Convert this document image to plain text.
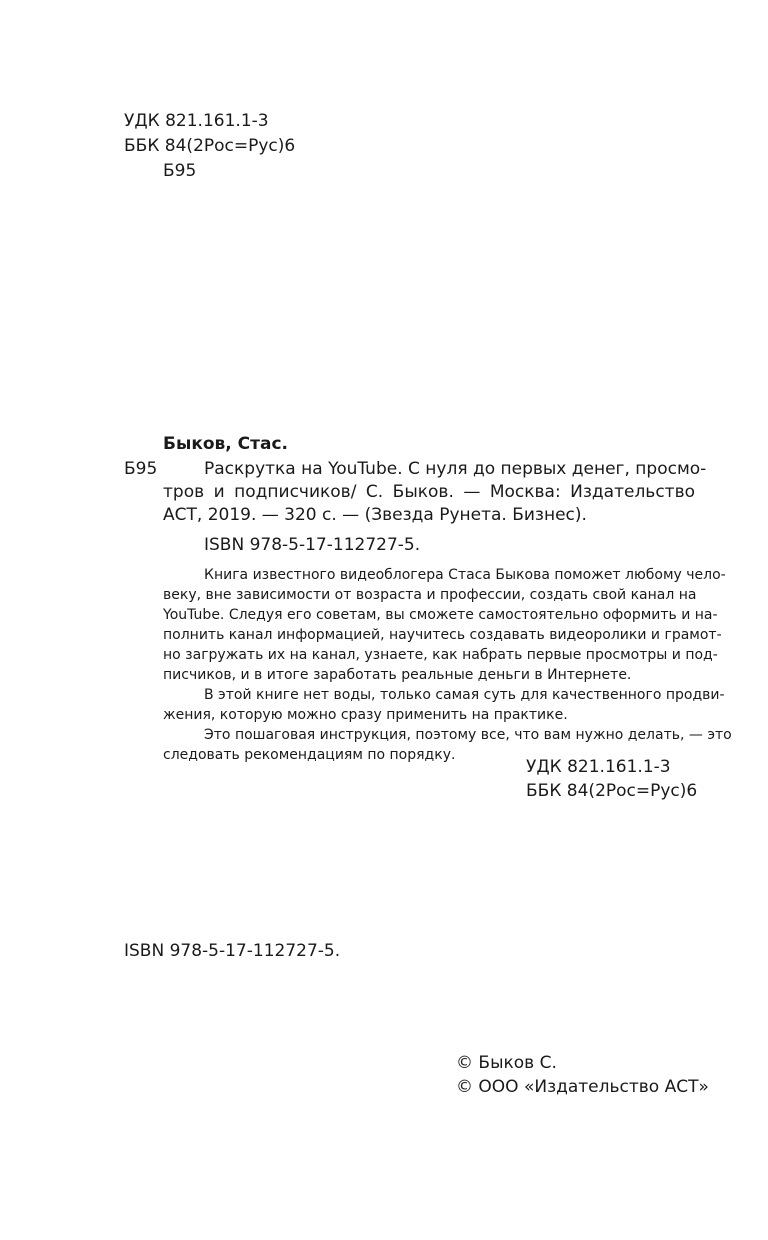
УДК 821.161.1-3
ББК 84(2Рос=Рус)6
Б95
Быков, Стас.
Б95	Раскрутка на YouTube. С нуля до первых денег, просмо-
тров и подписчиков/ С. Быков. — Москва: Издательство
АСТ, 2019. — 320 с. — (Звезда Рунета. Бизнес).
ISBN 978-5-17-112727-5.
Книга известного видеоблогера Стаса Быкова поможет любому чело-
веку, вне зависимости от возраста и профессии, создать свой канал на
YouTube. Следуя его советам, вы сможете самостоятельно оформить и на-
полнить канал информацией, научитесь создавать видеоролики и грамот-
но загружать их на канал, узнаете, как набрать первые просмотры и под-
писчиков, и в итоге заработать реальные деньги в Интернете.
В этой книге нет воды, только самая суть для качественного продви-
жения, которую можно сразу применить на практике.
Это пошаговая инструкция, поэтому все, что вам нужно делать, — это
следовать рекомендациям по порядку.
УДК 821.161.1-3
ББК 84(2Рос=Рус)6
ISBN 978-5-17-112727-5.
© Быков С.
© ООО «Издательство АСТ»
